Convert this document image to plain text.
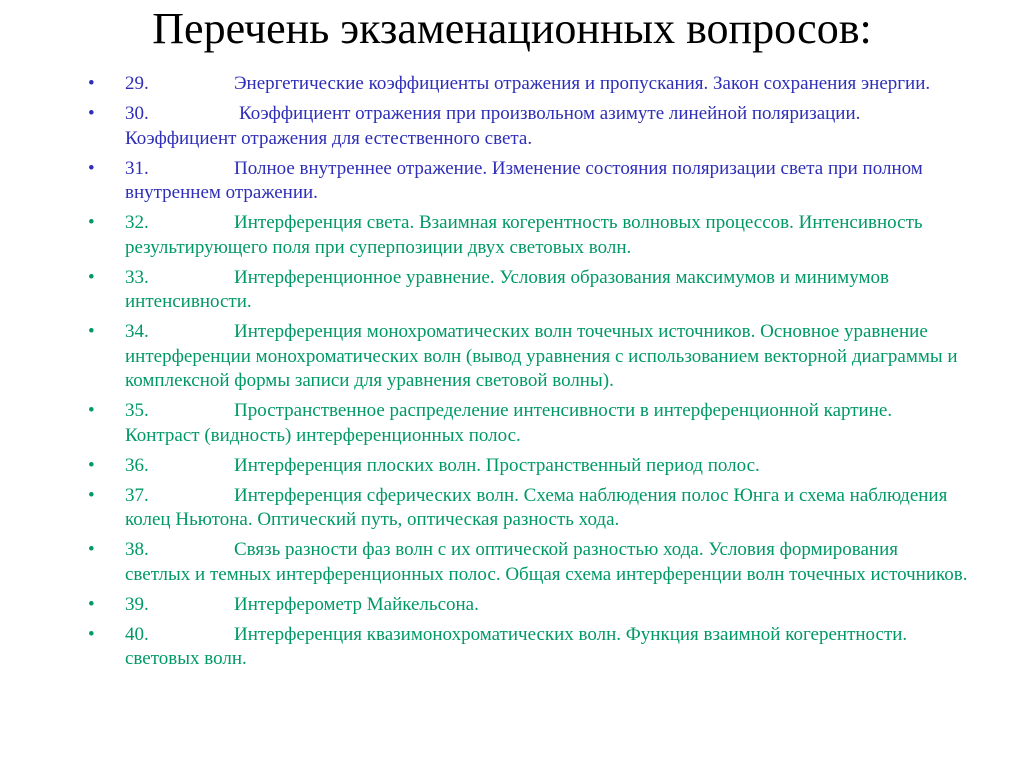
Перечень экзаменационных вопросов:
•	29.	Энергетические коэффициенты отражения и пропускания. Закон сохранения энергии.
•	30.	Коэффициент отражения при произвольном азимуте линейной поляризации. Коэффициент отражения для естественного света.
•	31.	Полное внутреннее отражение. Изменение состояния поляризации света при полном внутреннем отражении.
•	32.	Интерференция света. Взаимная когерентность волновых процессов. Интенсивность результирующего поля при суперпозиции двух световых волн.
•	33.	Интерференционное уравнение. Условия образования максимумов и минимумов интенсивности.
•	34.	Интерференция монохроматических волн точечных источников. Основное уравнение интерференции монохроматических волн (вывод уравнения с использованием векторной диаграммы и комплексной формы записи для уравнения световой волны).
•	35.	Пространственное распределение интенсивности в интерференционной картине. Контраст (видность) интерференционных полос.
•	36.	Интерференция плоских волн. Пространственный период полос.
•	37.	Интерференция сферических волн. Схема наблюдения полос Юнга и схема наблюдения колец Ньютона. Оптический путь, оптическая разность хода.
•	38.	Связь разности фаз волн с их оптической разностью хода. Условия формирования светлых и темных интерференционных полос. Общая схема интерференции волн точечных источников.
•	39.	Интерферометр Майкельсона.
•	40.	Интерференция квазимонохроматических волн. Функция взаимной когерентности. световых волн.
